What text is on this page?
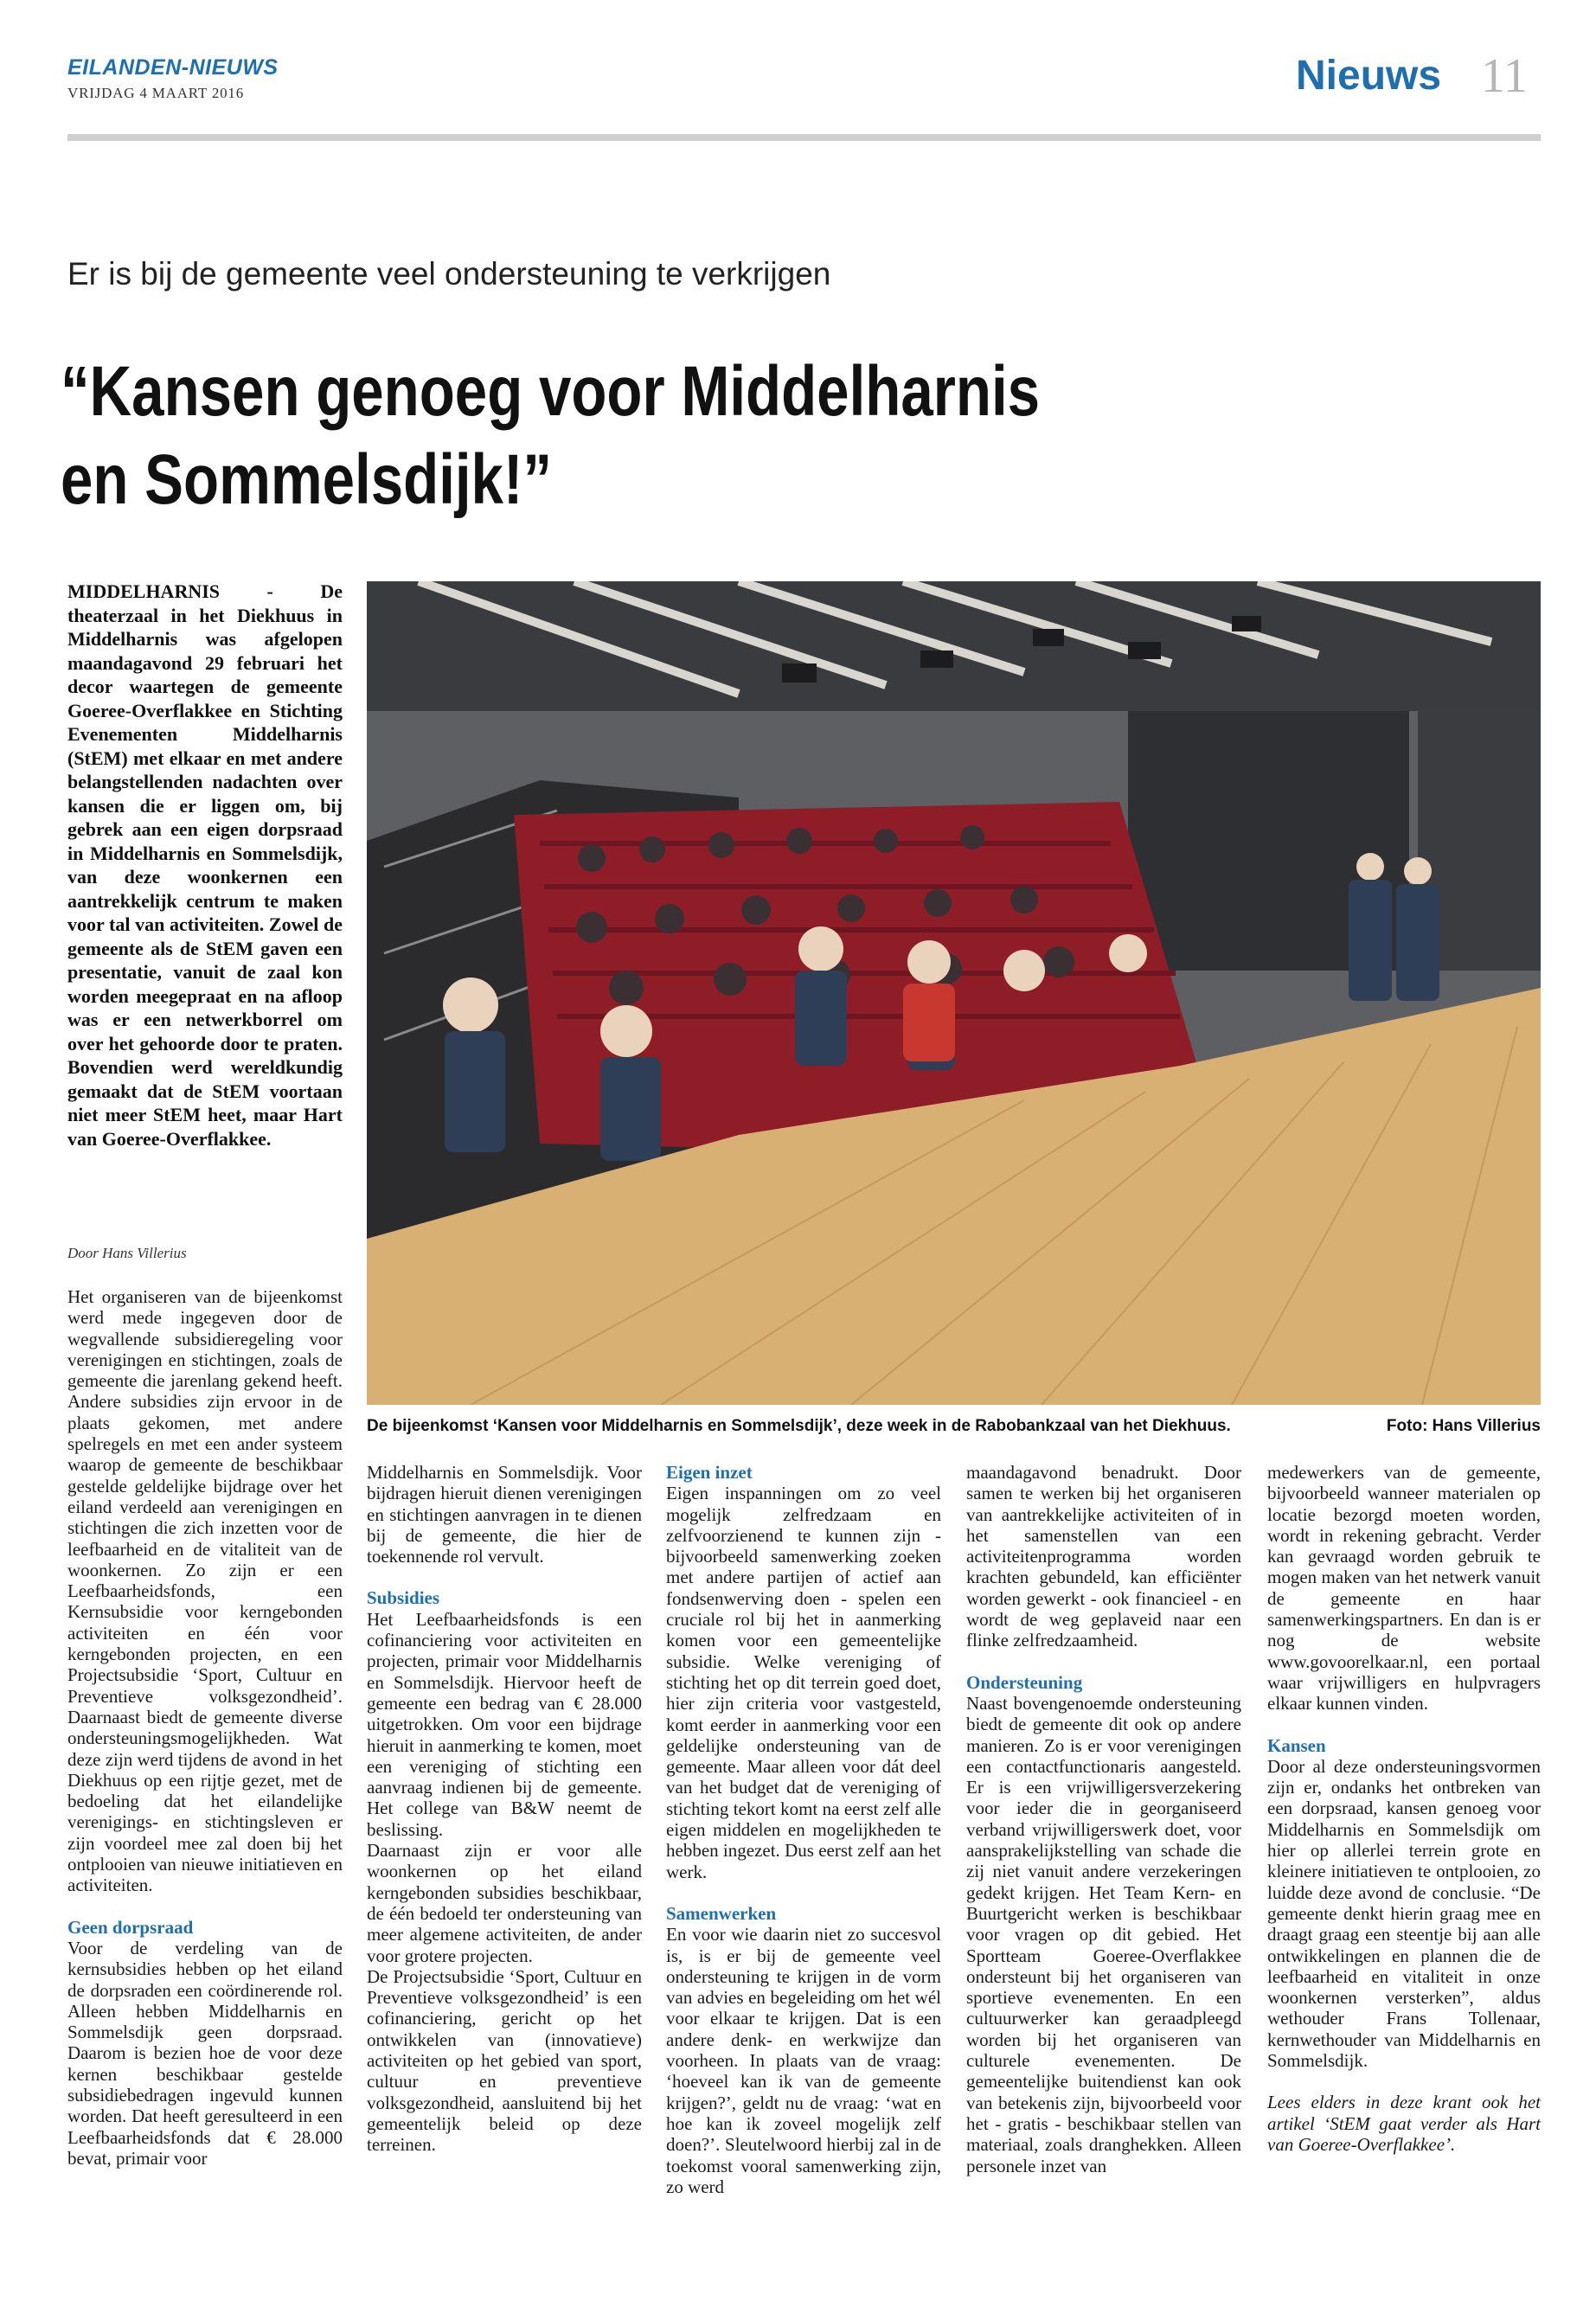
EILANDEN-NIEUWS
VRIJDAG 4 MAART 2016	Nieuws 11
Er is bij de gemeente veel ondersteuning te verkrijgen
“Kansen genoeg voor Middelharnis
en Sommelsdijk!”
MIDDELHARNIS - De theaterzaal in het Diekhuus in Middelharnis was afgelopen maandagavond 29 februari het decor waartegen de gemeente Goeree-Overflakkee en Stichting Evenementen Middelharnis (StEM) met elkaar en met andere belangstellenden nadachten over kansen die er liggen om, bij gebrek aan een eigen dorpsraad in Middelharnis en Sommelsdijk, van deze woonkernen een aantrekkelijk centrum te maken voor tal van activiteiten. Zowel de gemeente als de StEM gaven een presentatie, vanuit de zaal kon worden meegepraat en na afloop was er een netwerkborrel om over het gehoorde door te praten. Bovendien werd wereldkundig gemaakt dat de StEM voortaan niet meer StEM heet, maar Hart van Goeree-Overflakkee.
Door Hans Villerius
De bijeenkomst ‘Kansen voor Middelharnis en Sommelsdijk’, deze week in de Rabobankzaal van het Diekhuus.	Foto: Hans Villerius

Het organiseren van de bijeenkomst werd mede ingegeven door de wegvallende subsidieregeling voor verenigingen en stichtingen, zoals de gemeente die jarenlang gekend heeft. Andere subsidies zijn ervoor in de plaats gekomen, met andere spelregels en met een ander systeem waarop de gemeente de beschikbaar gestelde geldelijke bijdrage over het eiland verdeeld aan verenigingen en stichtingen die zich inzetten voor de leefbaarheid en de vitaliteit van de woonkernen. Zo zijn er een Leefbaarheidsfonds, een Kernsubsidie voor kerngebonden activiteiten en één voor kerngebonden projecten, en een Projectsubsidie ‘Sport, Cultuur en Preventieve volksgezondheid’. Daarnaast biedt de gemeente diverse ondersteuningsmogelijkheden. Wat deze zijn werd tijdens de avond in het Diekhuus op een rijtje gezet, met de bedoeling dat het eilandelijke verenigings- en stichtingsleven er zijn voordeel mee zal doen bij het ontplooien van nieuwe initiatieven en activiteiten.

Geen dorpsraad

Voor de verdeling van de kernsubsidies hebben op het eiland de dorpsraden een coördinerende rol. Alleen hebben Middelharnis en Sommelsdijk geen dorpsraad. Daarom is bezien hoe de voor deze kernen beschikbaar gestelde subsidiebedragen ingevuld kunnen worden. Dat heeft geresulteerd in een Leefbaarheidsfonds dat € 28.000 bevat, primair voor

Middelharnis en Sommelsdijk. Voor bijdragen hieruit dienen verenigingen en stichtingen aanvragen in te dienen bij de gemeente, die hier de toekennende rol vervult.

Subsidies

Het Leefbaarheidsfonds is een cofinanciering voor activiteiten en projecten, primair voor Middelharnis en Sommelsdijk. Hiervoor heeft de gemeente een bedrag van € 28.000 uitgetrokken. Om voor een bijdrage hieruit in aanmerking te komen, moet een vereniging of stichting een aanvraag indienen bij de gemeente. Het college van B&W neemt de beslissing.

Daarnaast zijn er voor alle woonkernen op het eiland kerngebonden subsidies beschikbaar, de één bedoeld ter ondersteuning van meer algemene activiteiten, de ander voor grotere projecten.

De Projectsubsidie ‘Sport, Cultuur en Preventieve volksgezondheid’ is een cofinanciering, gericht op het ontwikkelen van (innovatieve) activiteiten op het gebied van sport, cultuur en preventieve volksgezondheid, aansluitend bij het gemeentelijk beleid op deze terreinen.

Eigen inzet

Eigen inspanningen om zo veel mogelijk zelfredzaam en zelfvoorzienend te kunnen zijn - bijvoorbeeld samenwerking zoeken met andere partijen of actief aan fondsenwerving doen - spelen een cruciale rol bij het in aanmerking komen voor een gemeentelijke subsidie. Welke vereniging of stichting het op dit terrein goed doet, hier zijn criteria voor vastgesteld, komt eerder in aanmerking voor een geldelijke ondersteuning van de gemeente. Maar alleen voor dát deel van het budget dat de vereniging of stichting tekort komt na eerst zelf alle eigen middelen en mogelijkheden te hebben ingezet. Dus eerst zelf aan het werk.

Samenwerken

En voor wie daarin niet zo succesvol is, is er bij de gemeente veel ondersteuning te krijgen in de vorm van advies en begeleiding om het wél voor elkaar te krijgen. Dat is een andere denk- en werkwijze dan voorheen. In plaats van de vraag: ‘hoeveel kan ik van de gemeente krijgen?’, geldt nu de vraag: ‘wat en hoe kan ik zoveel mogelijk zelf doen?’. Sleutelwoord hierbij zal in de toekomst vooral samenwerking zijn, zo werd

maandagavond benadrukt. Door samen te werken bij het organiseren van aantrekkelijke activiteiten of in het samenstellen van een activiteitenprogramma worden krachten gebundeld, kan efficiënter worden gewerkt - ook financieel - en wordt de weg geplaveid naar een flinke zelfredzaamheid.

Ondersteuning

Naast bovengenoemde ondersteuning biedt de gemeente dit ook op andere manieren. Zo is er voor verenigingen een contactfunctionaris aangesteld. Er is een vrijwilligersverzekering voor ieder die in georganiseerd verband vrijwilligerswerk doet, voor aansprakelijkstelling van schade die zij niet vanuit andere verzekeringen gedekt krijgen. Het Team Kern- en Buurtgericht werken is beschikbaar voor vragen op dit gebied. Het Sportteam Goeree-Overflakkee ondersteunt bij het organiseren van sportieve evenementen. En een cultuurwerker kan geraadpleegd worden bij het organiseren van culturele evenementen. De gemeentelijke buitendienst kan ook van betekenis zijn, bijvoorbeeld voor het - gratis - beschikbaar stellen van materiaal, zoals dranghekken. Alleen personele inzet van

medewerkers van de gemeente, bijvoorbeeld wanneer materialen op locatie bezorgd moeten worden, wordt in rekening gebracht. Verder kan gevraagd worden gebruik te mogen maken van het netwerk vanuit de gemeente en haar samenwerkingspartners. En dan is er nog de website www.govoorelkaar.nl, een portaal waar vrijwilligers en hulpvragers elkaar kunnen vinden.

Kansen

Door al deze ondersteuningsvormen zijn er, ondanks het ontbreken van een dorpsraad, kansen genoeg voor Middelharnis en Sommelsdijk om hier op allerlei terrein grote en kleinere initiatieven te ontplooien, zo luidde deze avond de conclusie. “De gemeente denkt hierin graag mee en draagt graag een steentje bij aan alle ontwikkelingen en plannen die de leefbaarheid en vitaliteit in onze woonkernen versterken”, aldus wethouder Frans Tollenaar, kernwethouder van Middelharnis en Sommelsdijk.

Lees elders in deze krant ook het artikel ‘StEM gaat verder als Hart van Goeree-Overflakkee’.
